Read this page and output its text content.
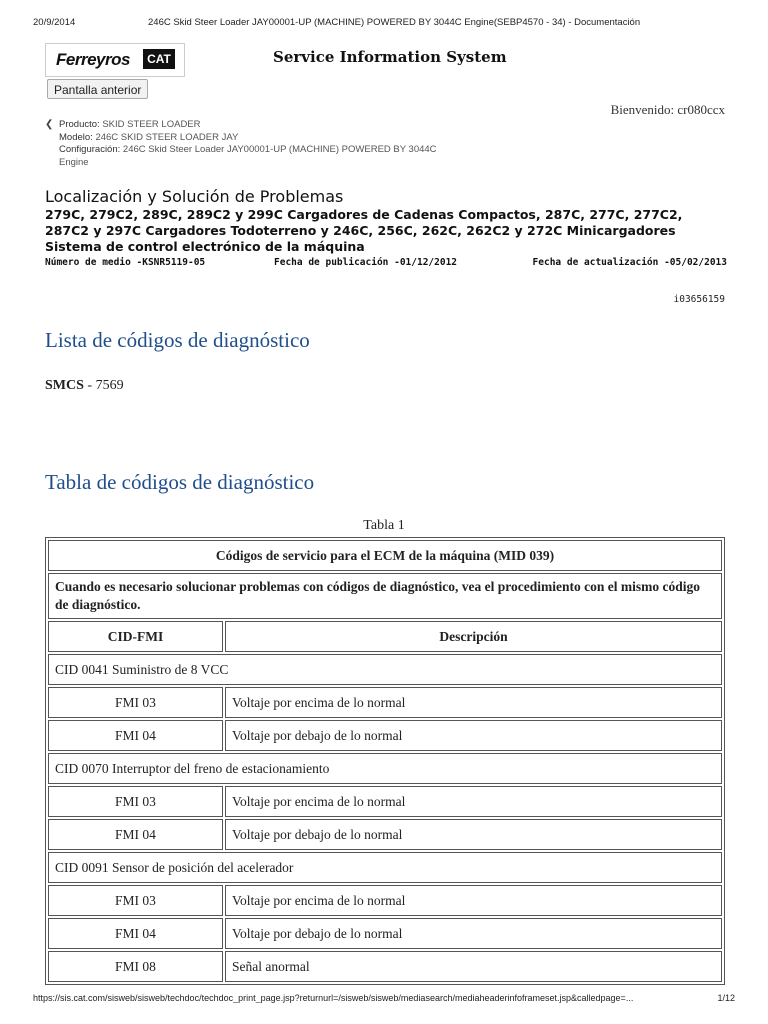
20/9/2014	246C Skid Steer Loader JAY00001-UP (MACHINE) POWERED BY 3044C Engine(SEBP4570 - 34) - Documentación
Ferreyros CAT	Service Information System
Pantalla anterior
Bienvenido: cr080ccx
❮ Producto: SKID STEER LOADER
Modelo: 246C SKID STEER LOADER JAY
Configuración: 246C Skid Steer Loader JAY00001-UP (MACHINE) POWERED BY 3044C Engine
Localización y Solución de Problemas
279C, 279C2, 289C, 289C2 y 299C Cargadores de Cadenas Compactos, 287C, 277C, 277C2, 287C2 y 297C Cargadores Todoterreno y 246C, 256C, 262C, 262C2 y 272C Minicargadores Sistema de control electrónico de la máquina
Número de medio -KSNR5119-05	Fecha de publicación -01/12/2012	Fecha de actualización -05/02/2013
i03656159
Lista de códigos de diagnóstico
SMCS - 7569
Tabla de códigos de diagnóstico
Tabla 1
Códigos de servicio para el ECM de la máquina (MID 039)	
Cuando es necesario solucionar problemas con códigos de diagnóstico, vea el procedimiento con el mismo código de diagnóstico.	
CID-FMI	Descripción
CID 0041 Suministro de 8 VCC	
FMI 03	Voltaje por encima de lo normal
FMI 04	Voltaje por debajo de lo normal
CID 0070 Interruptor del freno de estacionamiento	
FMI 03	Voltaje por encima de lo normal
FMI 04	Voltaje por debajo de lo normal
CID 0091 Sensor de posición del acelerador	
FMI 03	Voltaje por encima de lo normal
FMI 04	Voltaje por debajo de lo normal
FMI 08	Señal anormal
https://sis.cat.com/sisweb/sisweb/techdoc/techdoc_print_page.jsp?returnurl=/sisweb/sisweb/mediasearch/mediaheaderinfoframeset.jsp&calledpage=...	1/12
